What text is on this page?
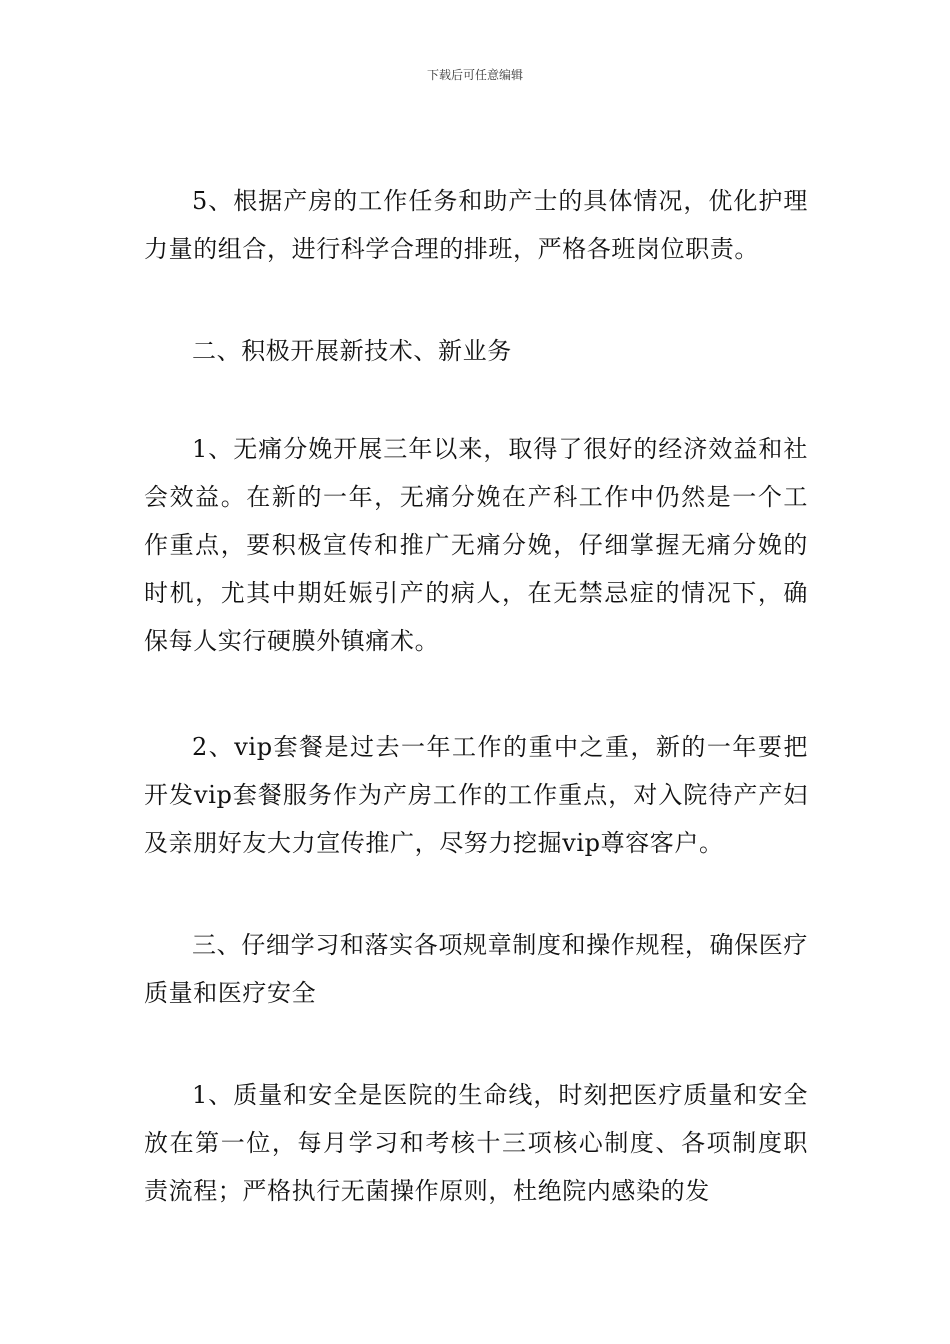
下载后可任意编辑

5、根据产房的工作任务和助产士的具体情况，优化护理力量的组合，进行科学合理的排班，严格各班岗位职责。

二、积极开展新技术、新业务

1、无痛分娩开展三年以来，取得了很好的经济效益和社会效益。在新的一年，无痛分娩在产科工作中仍然是一个工作重点，要积极宣传和推广无痛分娩，仔细掌握无痛分娩的时机，尤其中期妊娠引产的病人，在无禁忌症的情况下，确保每人实行硬膜外镇痛术。

2、vip套餐是过去一年工作的重中之重，新的一年要把开发vip套餐服务作为产房工作的工作重点，对入院待产产妇及亲朋好友大力宣传推广，尽努力挖掘vip尊容客户。

三、仔细学习和落实各项规章制度和操作规程，确保医疗质量和医疗安全

1、质量和安全是医院的生命线，时刻把医疗质量和安全放在第一位，每月学习和考核十三项核心制度、各项制度职责流程；严格执行无菌操作原则，杜绝院内感染的发
